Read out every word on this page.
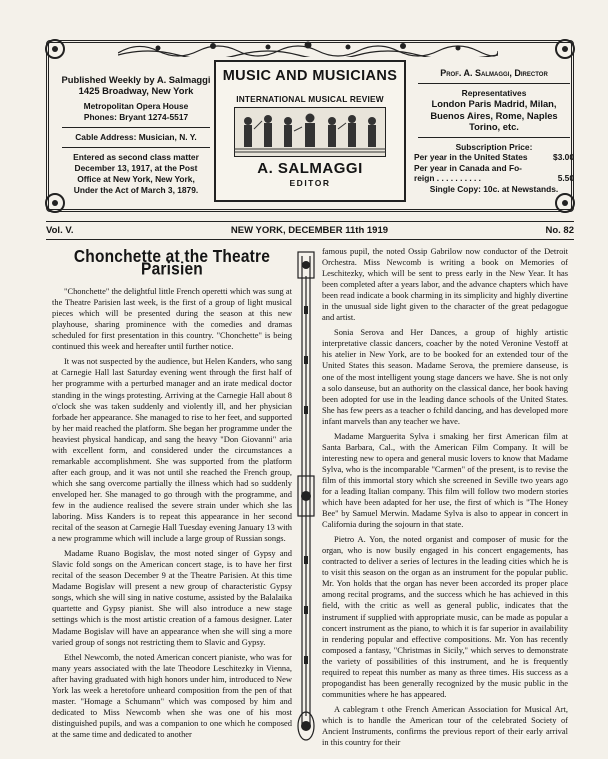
Published Weekly by A. Salmaggi
1425 Broadway, New York
Metropolitan Opera House
Phones: Bryant 1274-5517
Cable Address: Musician, N. Y.
Entered as second class matter
December 13, 1917, at the Post
Office at New York, New York,
Under the Act of March 3, 1879.
MUSIC AND MUSICIANS
INTERNATIONAL MUSICAL REVIEW
A. SALMAGGI
EDITOR
Prof. A. Salmaggi, Director
Representatives
London Paris Madrid, Milan,
Buenos Aires, Rome, Naples
Torino, etc.
Subscription Price:
Per year in the United States	$3.00
Per year in Canada and Fo-
reign . . . . . . . . . .	5.50
Single Copy: 10c. at Newstands.
Vol. V.	NEW YORK, DECEMBER 11th 1919	No. 82
Chonchette at the Theatre Parisien

"Chonchette" the delightful little French operetti which was sung at the Theatre Parisien last week, is the first of a group of light musical pieces which will be presented during the season at this new playhouse, sharing prominence with the comedies and dramas scheduled for first presentation in this country. "Chonchette" is being continued this week and hereafter until further notice.

It was not suspected by the audience, but Helen Kanders, who sang at Carnegie Hall last Saturday evening went through the first half of her programme with a perturbed manager and an irate medical doctor standing in the wings protesting. Arriving at the Carnegie Hall about 8 o'clock she was taken suddenly and violently ill, and her physician forbade her appearance. She managed to rise to her feet, and supported by her maid reached the platform. She began her programme under the heaviest physical handicap, and sang the heavy "Don Giovanni" aria with excellent form, and considered under the circumstances a remarkable accomplishment. She was supported from the platform after each group, and it was not until she reached the French group, which she sang overcome partially the illness which had so suddenly enveloped her. She managed to go through with the programme, and few in the audience realised the severe strain under which she las laboring. Miss Kanders is to repeat this appearance in her second recital of the season at Carnegie Hall Tuesday evening January 13 with a new programme which will include a large group of Russian songs.

Madame Ruano Bogislav, the most noted singer of Gypsy and Slavic fold songs on the American concert stage, is to have her first recital of the season December 9 at the Theatre Parisien. At this time Madame Bogislav will present a new group of characteristic Gypsy songs, which she will sing in native costume, assisted by the Balalaika quartette and Gypsy pianist. She will also introduce a new stage settings which is the most artistic creation of a famous designer. Later Madame Bogislav will have an appearance when she will sing a more varied group of songs not restricting them to Slavic and Gypsy.

Ethel Newcomb, the noted American concert pianiste, who was for many years associated with the late Theodore Leschitezky in Vienna, after having graduated with high honors under him, introduced to New York las week a heretofore unheard composition from the pen of that master. "Homage a Schumann" which was composed by him and dedicated to Miss Newcomb when she was one of his most distinguished pupils, and was a companion to one which he composed at the same time and dedicated to another

famous pupil, the noted Ossip Gabrilow now conductor of the Detroit Orchestra. Miss Newcomb is writing a book on Memories of Leschitezky, which will be sent to press early in the New Year. It has been completed after a years labor, and the advance chapters which have been read indicate a book charming in its simplicity and highly divertine in the unusual side light given to the character of the great pedagogue and artist.

Sonia Serova and Her Dances, a group of highly artistic interpretative classic dancers, coacher by the noted Veronine Vestoff at his atelier in New York, are to be booked for an extended tour of the United States this season. Madame Serova, the premiere danseuse, is one of the most intelligent young stage dancers we have. She is not only a solo danseuse, but an authority on the classical dance, her book having been adopted for use in the leading dance schools of the United States. She has few peers as a teacher o fchild dancing, and has developed more infant marvels than any teacher we have.

Madame Marguerita Sylva i smaking her first American film at Santa Barbara, Cal., with the American Film Company. It will be interesting new to opera and general music lovers to know that Madame Sylva, who is the incomparable "Carmen" of the present, is to revise the film of this immortal story which she screened in Seville two years ago for a leading Italian company. This film will follow two modern stories which have been adapted for her use, the first of which is "The Honey Bee" by Samuel Merwin. Madame Sylva is also to appear in concert in California during the sojourn in that state.

Pietro A. Yon, the noted organist and composer of music for the organ, who is now busily engaged in his concert engagements, has contracted to deliver a series of lectures in the leading cities which he is to visit this season on the organ as an instrument for the popular public. Mr. Yon holds that the organ has never been accorded its proper place among recital programs, and the success which he has achieved in this field, with the critic as well as general public, indicates that the instrument if supplied with appropriate music, can be made as popular a concert instrument as the piano, to which it is far superior in availability in rendering popular and effective compositions. Mr. Yon has recently composed a fantasy, "Christmas in Sicily," which serves to demonstrate the variety of possibilities of this instrument, and he is frequently required to repeat this number as many as three times. His success as a propogandist has been generally recognized by the music public in the communities where he has appeared.

A cablegram t othe French American Association for Musical Art, which is to handle the American tour of the celebrated Society of Ancient Instruments, confirms the previous report of their early arrival in this country for their
